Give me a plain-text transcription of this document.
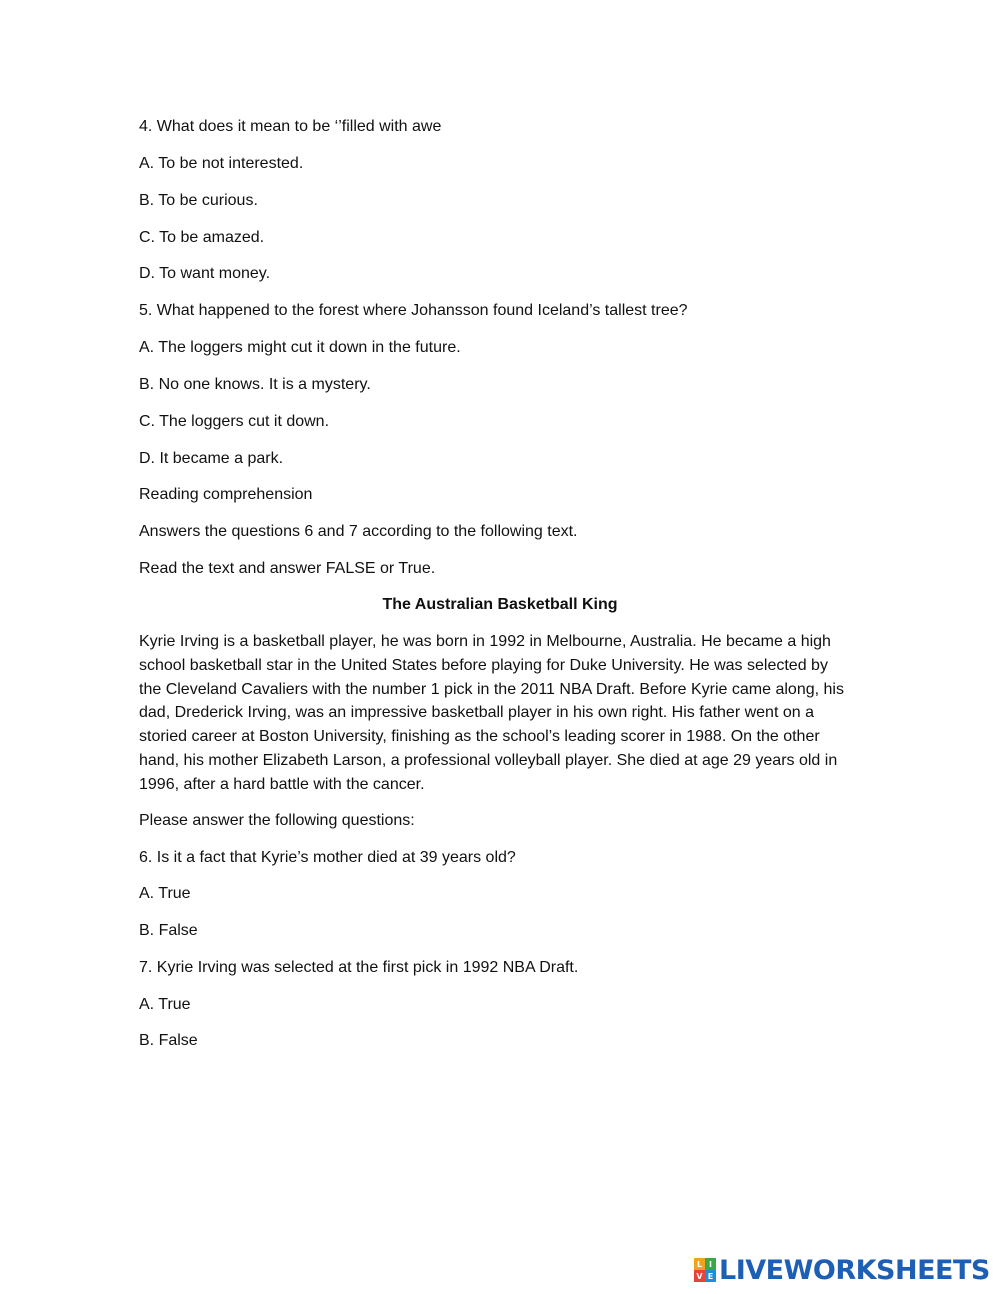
4. What does it mean to be ‘’filled with awe
A. To be not interested.
B. To be curious.
C. To be amazed.
D. To want money.
5. What happened to the forest where Johansson found Iceland’s tallest tree?
A. The loggers might cut it down in the future.
B. No one knows. It is a mystery.
C. The loggers cut it down.
D. It became a park.
Reading comprehension
Answers the questions 6 and 7 according to the following text.
Read the text and answer FALSE or True.
The Australian Basketball King
Kyrie Irving is a basketball player, he was born in 1992 in Melbourne, Australia. He became a high
school basketball star in the United States before playing for Duke University. He was selected by
the Cleveland Cavaliers with the number 1 pick in the 2011 NBA Draft. Before Kyrie came along, his
dad, Drederick Irving, was an impressive basketball player in his own right. His father went on a
storied career at Boston University, finishing as the school’s leading scorer in 1988. On the other
hand, his mother Elizabeth Larson, a professional volleyball player. She died at age 29 years old in
1996, after a hard battle with the cancer.
Please answer the following questions:
6. Is it a fact that Kyrie’s mother died at 39 years old?
A. True
B. False
7. Kyrie Irving was selected at the first pick in 1992 NBA Draft.
A. True
B. False
L I
V E LIVEWORKSHEETS
